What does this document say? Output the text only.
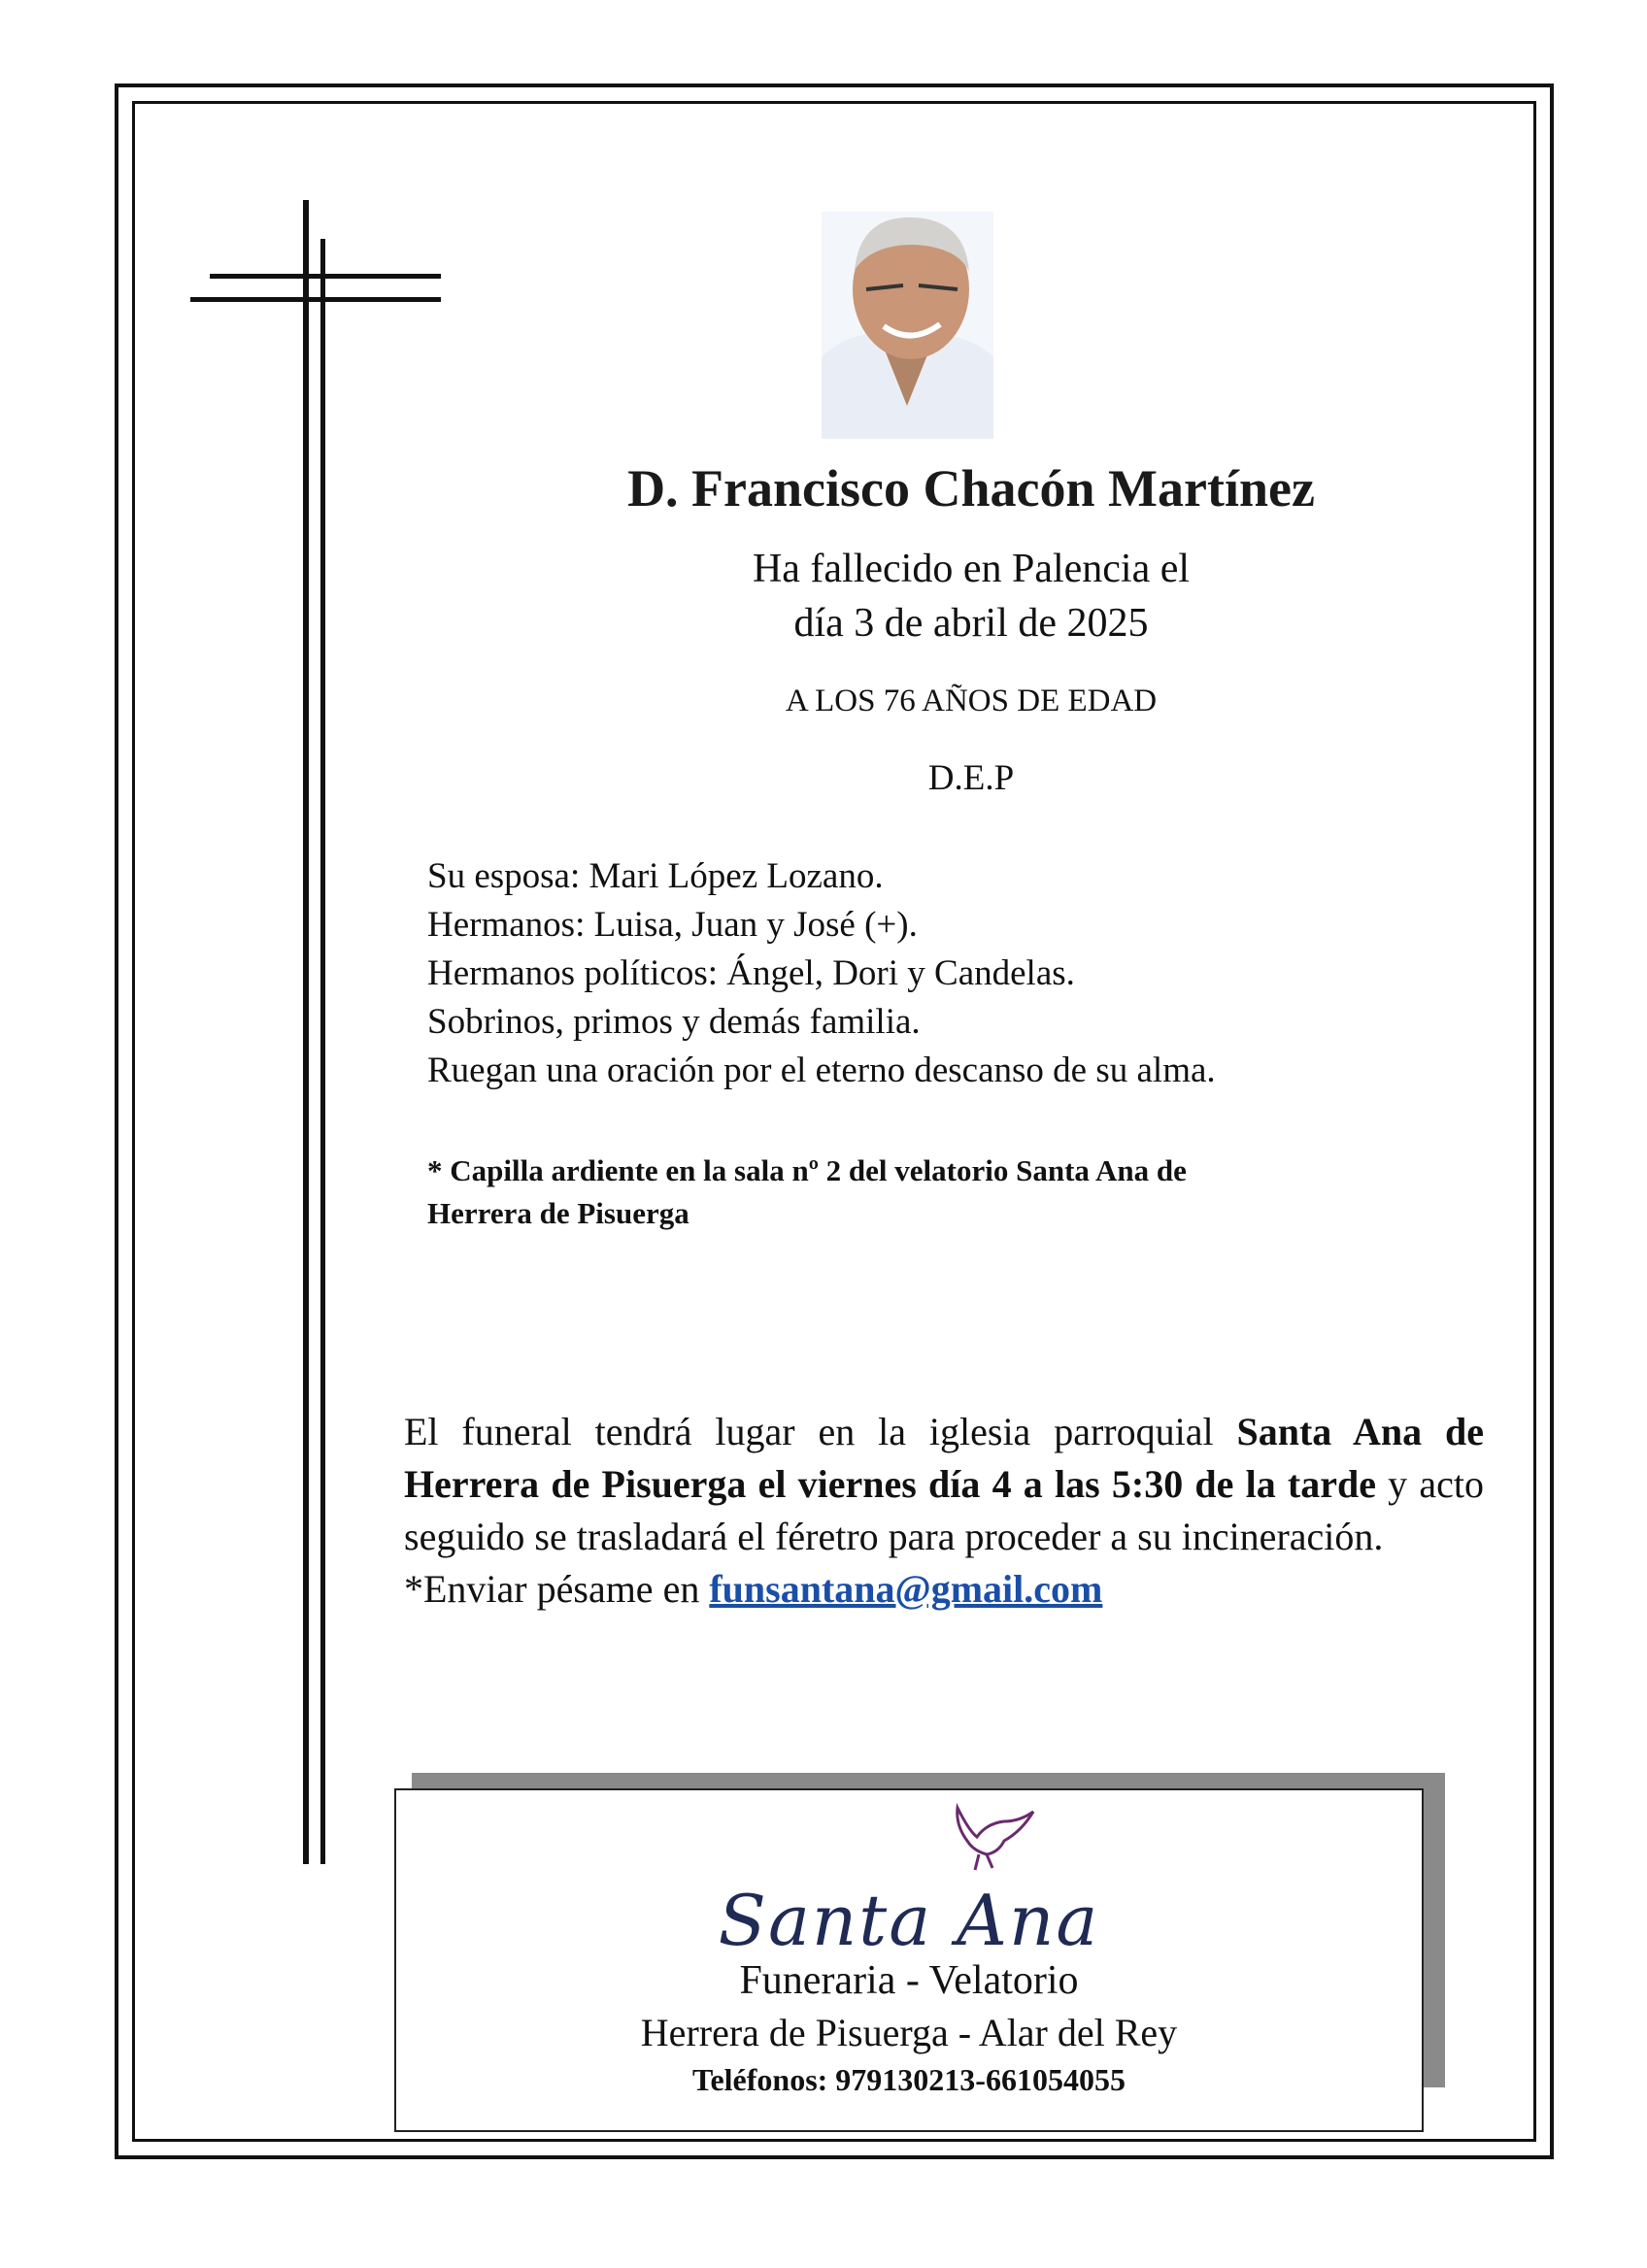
D. Francisco Chacón Martínez
Ha fallecido en Palencia el
día 3 de abril de 2025
A LOS 76 AÑOS DE EDAD
D.E.P
Su esposa: Mari López Lozano.
Hermanos: Luisa, Juan y José (+).
Hermanos políticos: Ángel, Dori y Candelas.
Sobrinos, primos y demás familia.
Ruegan una oración por el eterno descanso de su alma.
* Capilla ardiente en la sala nº 2 del velatorio Santa Ana de
Herrera de Pisuerga
El funeral tendrá lugar en la iglesia parroquial Santa Ana de Herrera de Pisuerga el viernes día 4 a las 5:30 de la tarde y acto seguido se trasladará el féretro para proceder a su incineración.
*Enviar pésame en funsantana@gmail.com
Santa Ana
Funeraria - Velatorio
Herrera de Pisuerga - Alar del Rey
Teléfonos: 979130213-661054055
